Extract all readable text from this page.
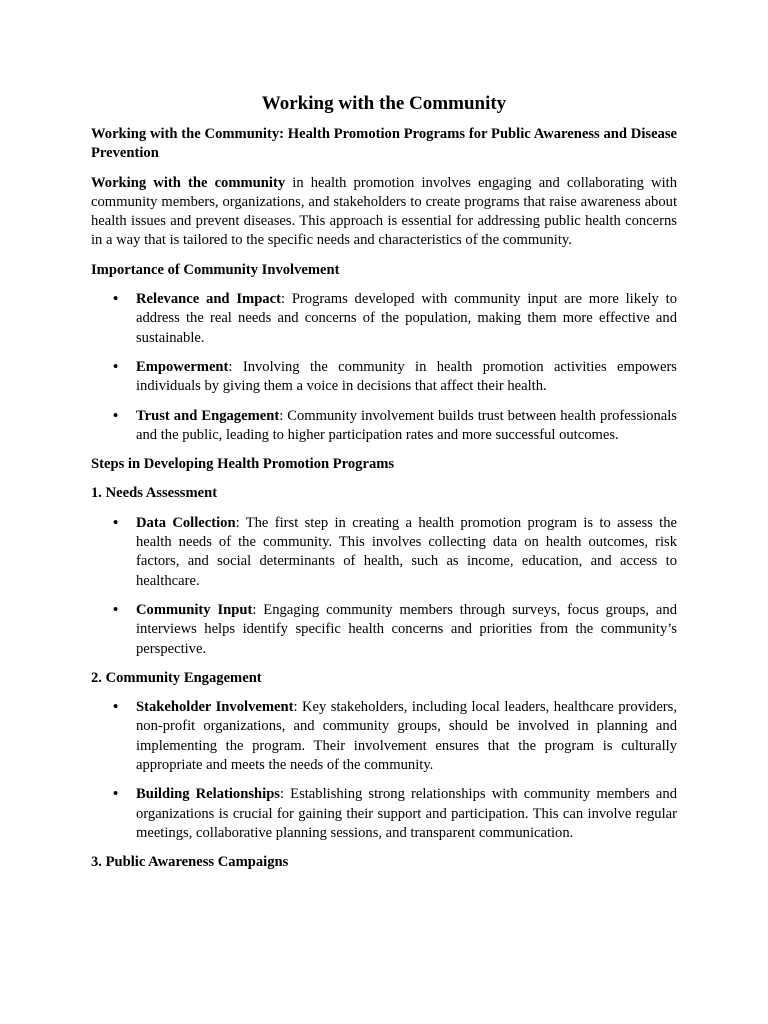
Working with the Community

Working with the Community: Health Promotion Programs for Public Awareness and Disease Prevention

Working with the community in health promotion involves engaging and collaborating with community members, organizations, and stakeholders to create programs that raise awareness about health issues and prevent diseases. This approach is essential for addressing public health concerns in a way that is tailored to the specific needs and characteristics of the community.

Importance of Community Involvement
• Relevance and Impact: Programs developed with community input are more likely to address the real needs and concerns of the population, making them more effective and sustainable.
• Empowerment: Involving the community in health promotion activities empowers individuals by giving them a voice in decisions that affect their health.
• Trust and Engagement: Community involvement builds trust between health professionals and the public, leading to higher participation rates and more successful outcomes.
Steps in Developing Health Promotion Programs
1. Needs Assessment
• Data Collection: The first step in creating a health promotion program is to assess the health needs of the community. This involves collecting data on health outcomes, risk factors, and social determinants of health, such as income, education, and access to healthcare.
• Community Input: Engaging community members through surveys, focus groups, and interviews helps identify specific health concerns and priorities from the community’s perspective.
2. Community Engagement
• Stakeholder Involvement: Key stakeholders, including local leaders, healthcare providers, non-profit organizations, and community groups, should be involved in planning and implementing the program. Their involvement ensures that the program is culturally appropriate and meets the needs of the community.
• Building Relationships: Establishing strong relationships with community members and organizations is crucial for gaining their support and participation. This can involve regular meetings, collaborative planning sessions, and transparent communication.
3. Public Awareness Campaigns
